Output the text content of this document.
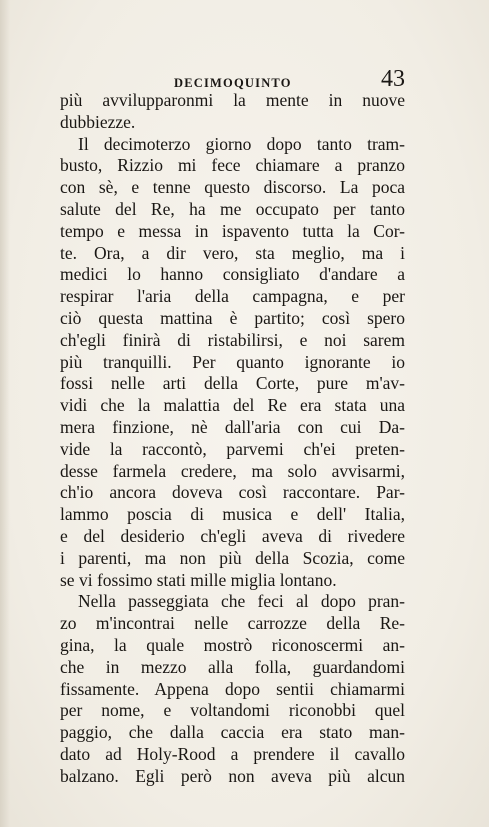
DECIMOQUINTO	43
più avvilupparonmi la mente in nuove
dubbiezze.
Il decimoterzo giorno dopo tanto tram-
busto, Rizzio mi fece chiamare a pranzo
con sè, e tenne questo discorso. La poca
salute del Re, ha me occupato per tanto
tempo e messa in ispavento tutta la Cor-
te. Ora, a dir vero, sta meglio, ma i
medici lo hanno consigliato d'andare a
respirar l'aria della campagna, e per
ciò questa mattina è partito; così spero
ch'egli finirà di ristabilirsi, e noi sarem
più tranquilli. Per quanto ignorante io
fossi nelle arti della Corte, pure m'av-
vidi che la malattia del Re era stata una
mera finzione, nè dall'aria con cui Da-
vide la raccontò, parvemi ch'ei preten-
desse farmela credere, ma solo avvisarmi,
ch'io ancora doveva così raccontare. Par-
lammo poscia di musica e dell' Italia,
e del desiderio ch'egli aveva di rivedere
i parenti, ma non più della Scozia, come
se vi fossimo stati mille miglia lontano.
Nella passeggiata che feci al dopo pran-
zo m'incontrai nelle carrozze della Re-
gina, la quale mostrò riconoscermi an-
che in mezzo alla folla, guardandomi
fissamente. Appena dopo sentii chiamarmi
per nome, e voltandomi riconobbi quel
paggio, che dalla caccia era stato man-
dato ad Holy-Rood a prendere il cavallo
balzano. Egli però non aveva più alcun
